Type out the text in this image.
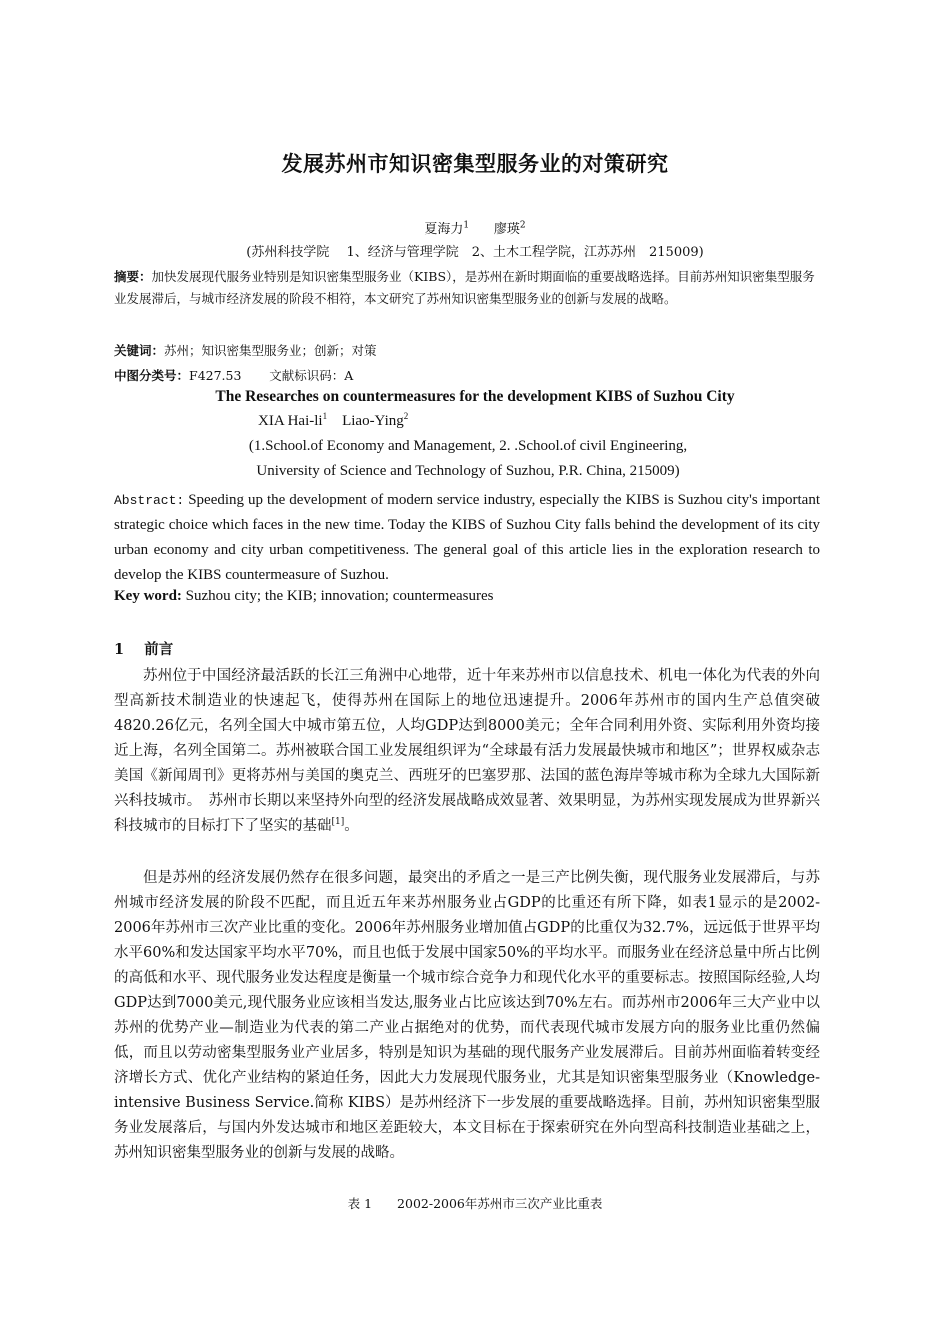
发展苏州市知识密集型服务业的对策研究
夏海力$^1$ 廖瑛$^2$
(苏州科技学院　 1、经济与管理学院　2、土木工程学院，江苏苏州　215009)
摘要：加快发展现代服务业特别是知识密集型服务业（KIBS），是苏州在新时期面临的重要战略选择。目前苏州知识密集型服务业发展滞后，与城市经济发展的阶段不相符，本文研究了苏州知识密集型服务业的创新与发展的战略。
关键词：苏州；知识密集型服务业；创新；对策
中图分类号：F427.53 文献标识码：A
The Researches on countermeasures for the development KIBS of Suzhou City
XIA Hai-$li^1$ Liao-Ying$^2$
(1.School.of Economy and Management, 2. .School.of civil Engineering,
University of Science and Technology of Suzhou, P.R. China, 215009)
Abstract: Speeding up the development of modern service industry, especially the KIBS is Suzhou city's important strategic choice which faces in the new time. Today the KIBS of Suzhou City falls behind the development of its city urban economy and city urban competitiveness. The general goal of this article lies in the exploration research to develop the KIBS countermeasure of Suzhou.
Key word: Suzhou city; the KIB; innovation; countermeasures
1 前言

苏州位于中国经济最活跃的长江三角洲中心地带，近十年来苏州市以信息技术、机电一体化为代表的外向型高新技术制造业的快速起飞，使得苏州在国际上的地位迅速提升。2006年苏州市的国内生产总值突破4820.26亿元，名列全国大中城市第五位，人均GDP达到8000美元；全年合同利用外资、实际利用外资均接近上海，名列全国第二。苏州被联合国工业发展组织评为“全球最有活力发展最快城市和地区”；世界权威杂志美国《新闻周刊》更将苏州与美国的奥克兰、西班牙的巴塞罗那、法国的蓝色海岸等城市称为全球九大国际新兴科技城市。　苏州市长期以来坚持外向型的经济发展战略成效显著、效果明显，为苏州实现发展成为世界新兴科技城市的目标打下了坚实的基础[1]。

但是苏州的经济发展仍然存在很多问题，最突出的矛盾之一是三产比例失衡，现代服务业发展滞后，与苏州城市经济发展的阶段不匹配，而且近五年来苏州服务业占GDP的比重还有所下降，如表1显示的是2002-2006年苏州市三次产业比重的变化。2006年苏州服务业增加值占GDP的比重仅为32.7%，远远低于世界平均水平60%和发达国家平均水平70%，而且也低于发展中国家50%的平均水平。而服务业在经济总量中所占比例的高低和水平、现代服务业发达程度是衡量一个城市综合竞争力和现代化水平的重要标志。按照国际经验,人均GDP达到7000美元,现代服务业应该相当发达,服务业占比应该达到70%左右。而苏州市2006年三大产业中以苏州的优势产业—制造业为代表的第二产业占据绝对的优势，而代表现代城市发展方向的服务业比重仍然偏低，而且以劳动密集型服务业产业居多，特别是知识为基础的现代服务产业发展滞后。目前苏州面临着转变经济增长方式、优化产业结构的紧迫任务，因此大力发展现代服务业，尤其是知识密集型服务业（Knowledge-intensive Business Service.简称 KIBS）是苏州经济下一步发展的重要战略选择。目前，苏州知识密集型服务业发展落后，与国内外发达城市和地区差距较大，本文目标在于探索研究在外向型高科技制造业基础之上，苏州知识密集型服务业的创新与发展的战略。

表 1　　2002-2006年苏州市三次产业比重表
